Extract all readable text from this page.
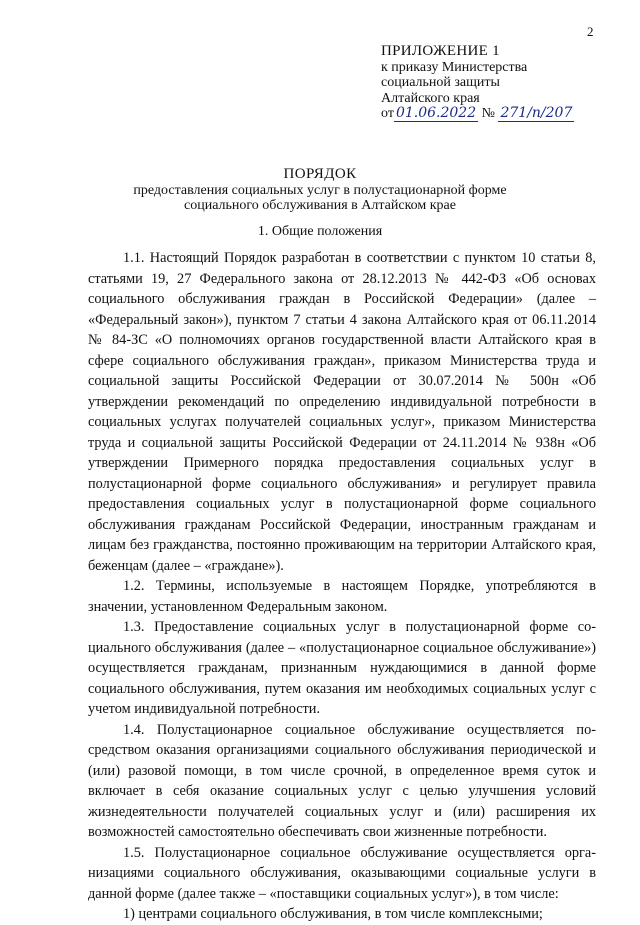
2
ПРИЛОЖЕНИЕ 1
к приказу Министерства
социальной защиты
Алтайского края
от 01.06.2022 № 271/п/207
ПОРЯДОК
предоставления социальных услуг в полустационарной форме
социального обслуживания в Алтайском крае
1. Общие положения

1.1. Настоящий Порядок разработан в соответствии с пунктом 10 статьи 8, статьями 19, 27 Федерального закона от 28.12.2013 № 442-ФЗ «Об основах социального обслуживания граждан в Российской Федерации» (далее – «Федеральный закон»), пунктом 7 статьи 4 закона Алтайского края от 06.11.2014 № 84-ЗС «О полномочиях органов государственной власти Алтайского края в сфере социального обслуживания граждан», приказом Министерства труда и социальной защиты Российской Федерации от 30.07.2014 № 500н «Об утверждении рекомендаций по определению индивидуальной потребности в социальных услугах получателей социальных услуг», приказом Министерства труда и социальной защиты Российской Федерации от 24.11.2014 № 938н «Об утверждении Примерного порядка предоставления социальных услуг в полустационарной форме социального обслуживания» и регулирует правила предоставления социальных услуг в полустационарной форме социального обслуживания гражданам Российской Федерации, иностранным гражданам и лицам без гражданства, постоянно проживающим на территории Алтайского края, беженцам (далее – «граждане»).

1.2. Термины, используемые в настоящем Порядке, употребляются в значении, установленном Федеральным законом.

1.3. Предоставление социальных услуг в полустационарной форме социального обслуживания (далее – «полустационарное социальное обслуживание») осуществляется гражданам, признанным нуждающимися в данной форме социального обслуживания, путем оказания им необходимых социальных услуг с учетом индивидуальной потребности.

1.4. Полустационарное социальное обслуживание осуществляется посредством оказания организациями социального обслуживания периодической и (или) разовой помощи, в том числе срочной, в определенное время суток и включает в себя оказание социальных услуг с целью улучшения условий жизнедеятельности получателей социальных услуг и (или) расширения их возможностей самостоятельно обеспечивать свои жизненные потребности.

1.5. Полустационарное социальное обслуживание осуществляется организациями социального обслуживания, оказывающими социальные услуги в данной форме (далее также – «поставщики социальных услуг»), в том числе:

1) центрами социального обслуживания, в том числе комплексными;
